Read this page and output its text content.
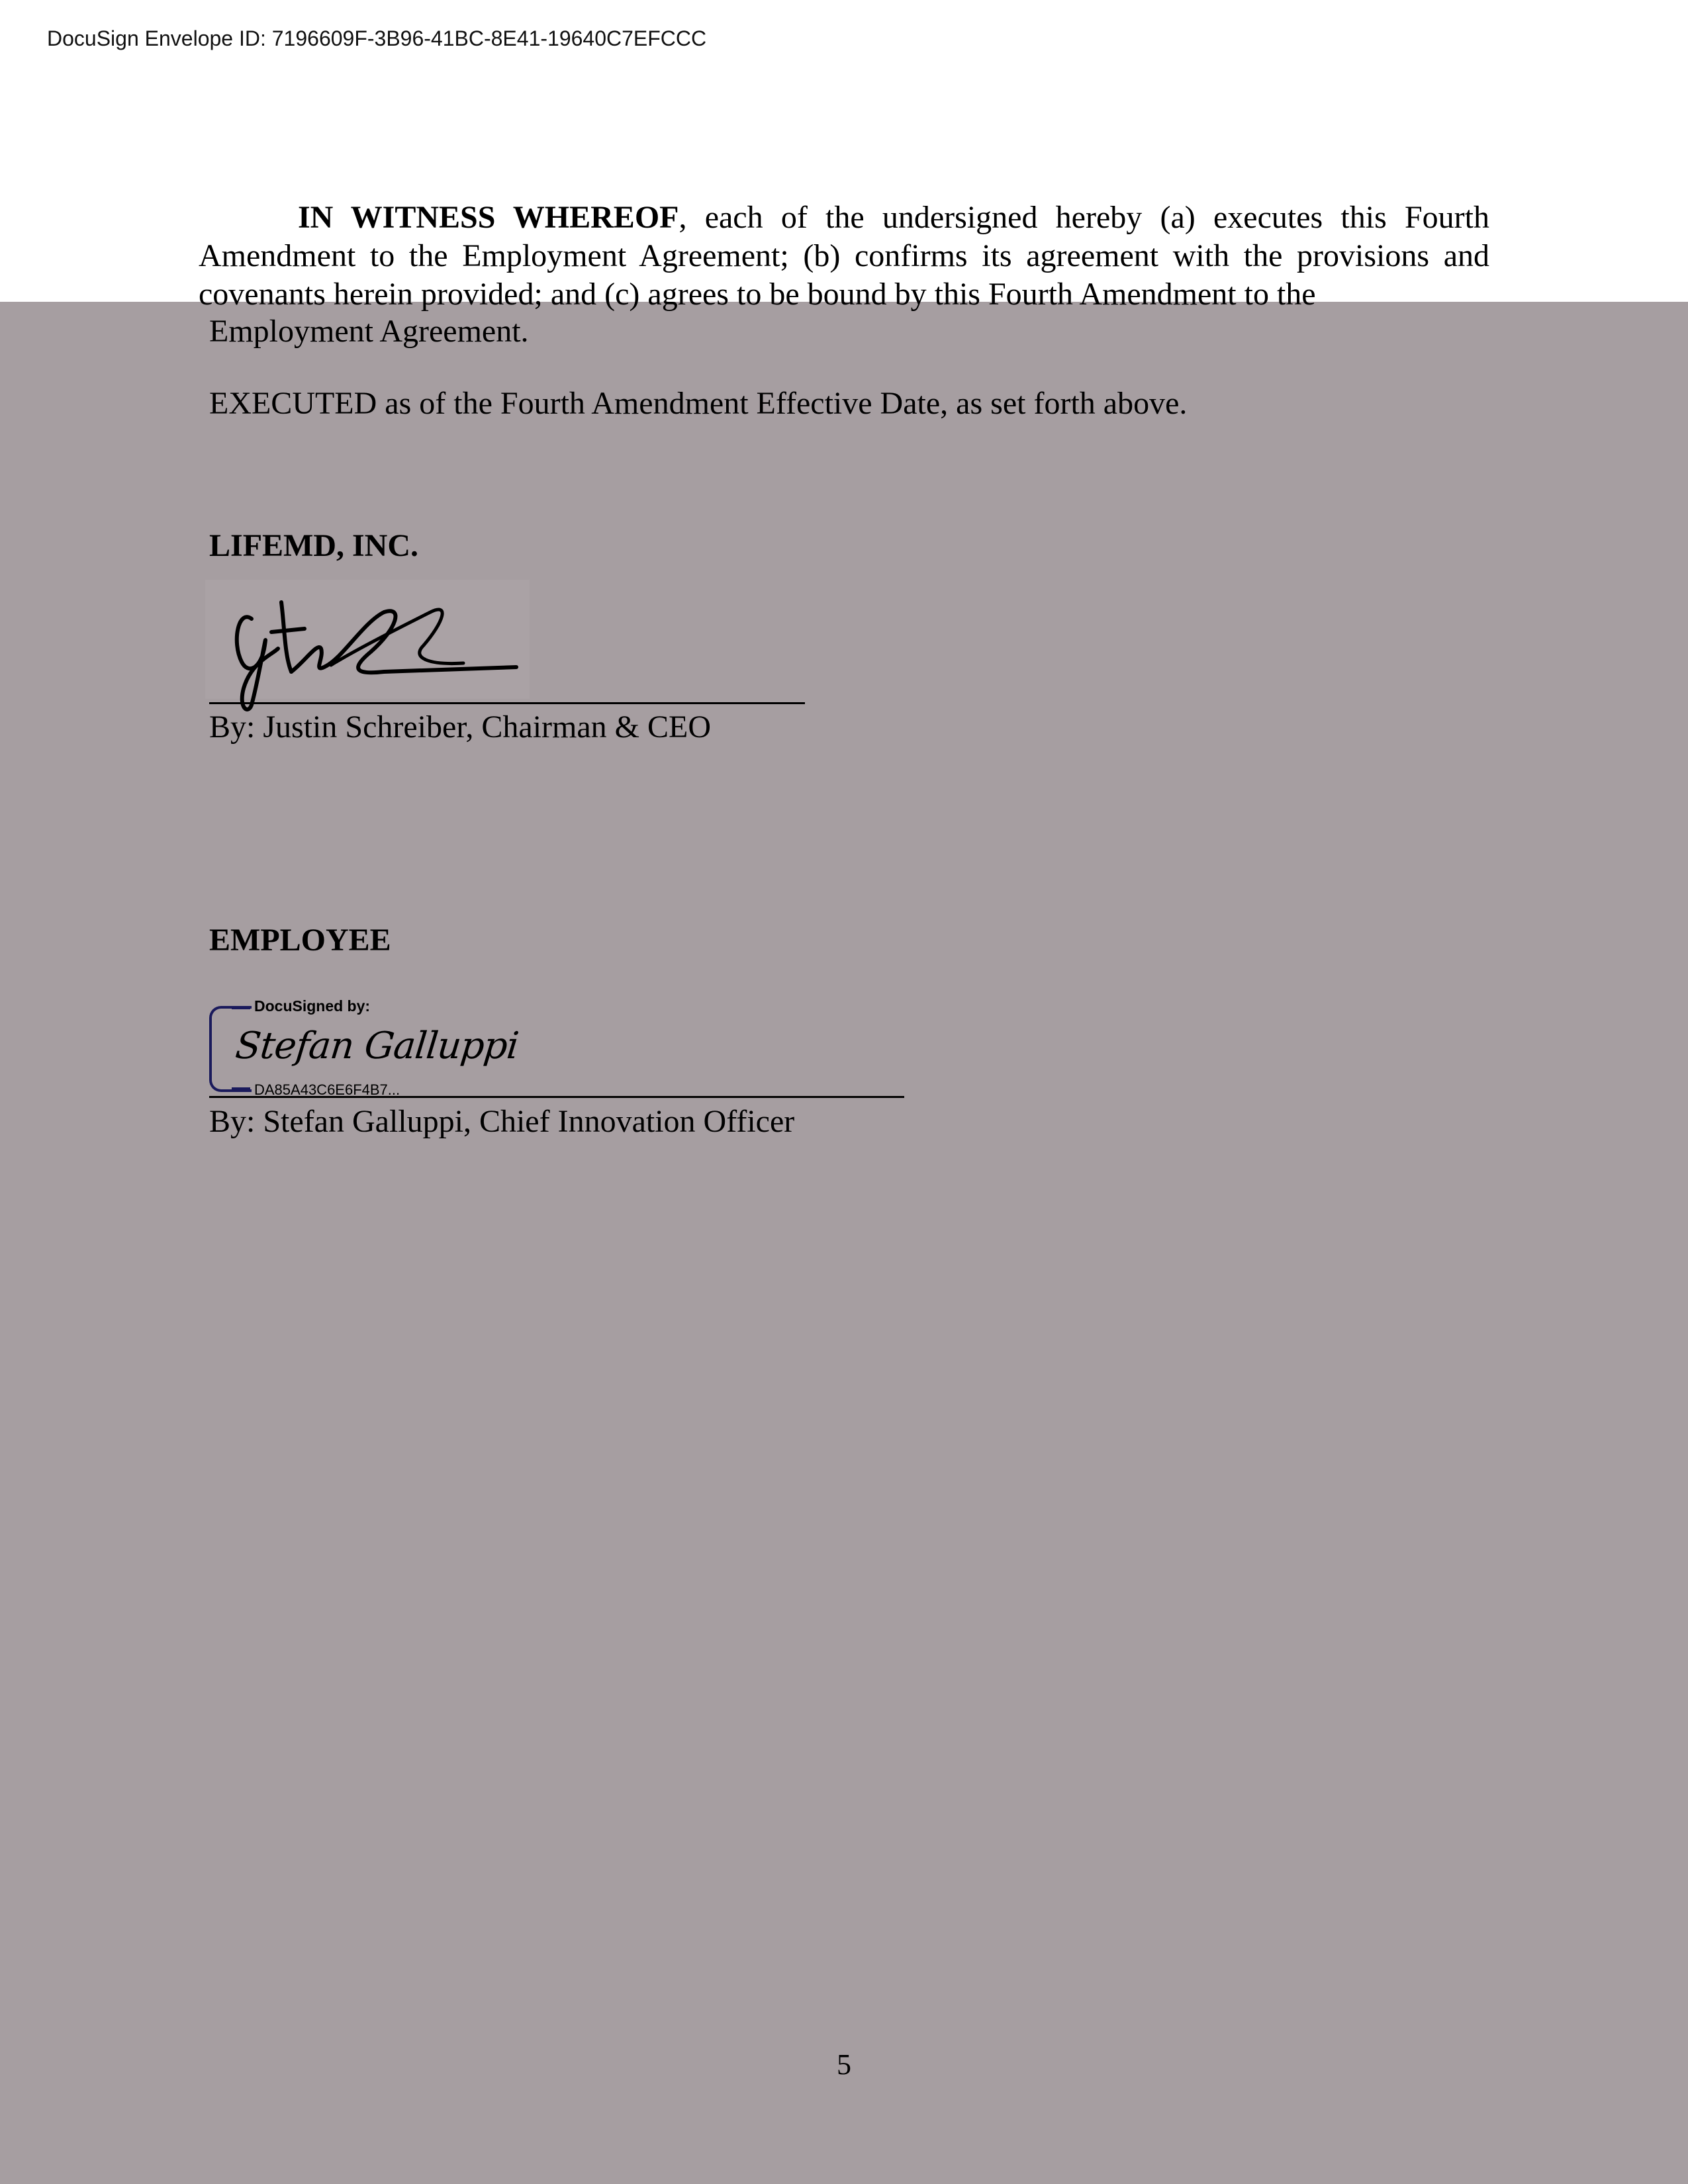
DocuSign Envelope ID: 7196609F-3B96-41BC-8E41-19640C7EFCCC
IN WITNESS WHEREOF, each of the undersigned hereby (a) executes this Fourth Amendment to the Employment Agreement; (b) confirms its agreement with the provisions and covenants herein provided; and (c) agrees to be bound by this Fourth Amendment to the
Employment Agreement.
EXECUTED as of the Fourth Amendment Effective Date, as set forth above.
LIFEMD, INC.
By: Justin Schreiber, Chairman & CEO
EMPLOYEE
DocuSigned by:
Stefan Galluppi
DA85A43C6E6F4B7...
By: Stefan Galluppi, Chief Innovation Officer
5
